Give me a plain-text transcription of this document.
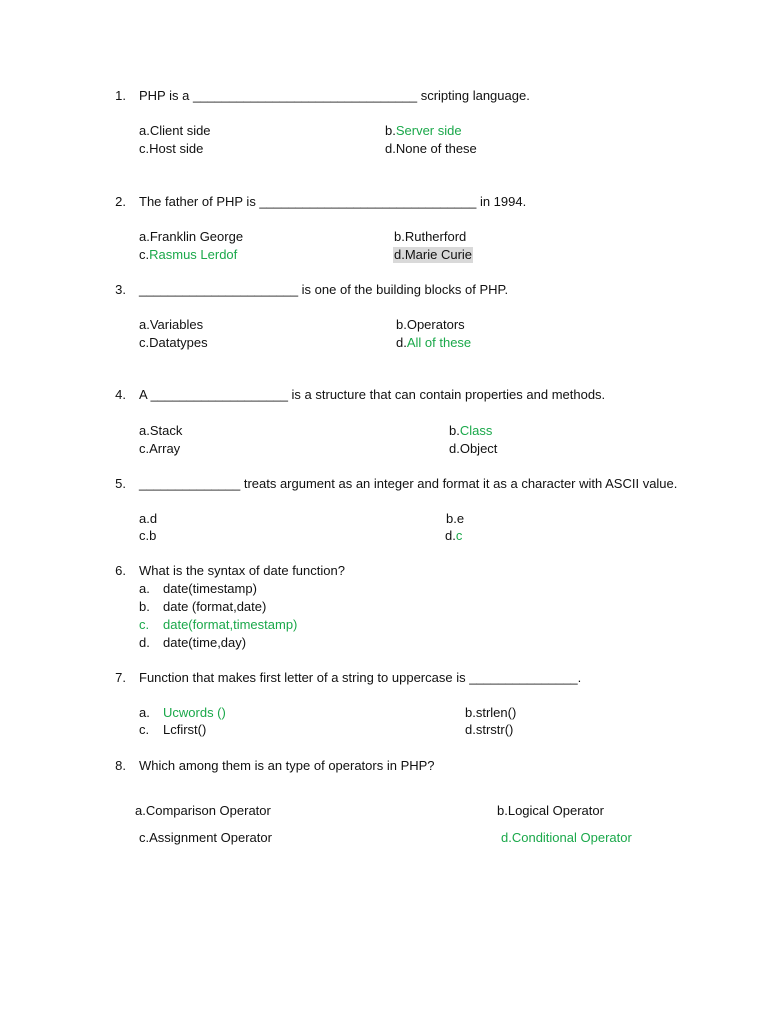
1. PHP is a _______________________________ scripting language.
a.Client side	b.Server side
c.Host side	d.None of these
2. The father of PHP is ______________________________ in 1994.
a.Franklin George	b.Rutherford
c.Rasmus Lerdof	d.Marie Curie
3. ______________________ is one of the building blocks of PHP.
a.Variables	b.Operators
c.Datatypes	d.All of these
4. A ___________________ is a structure that can contain properties and methods.
a.Stack	b.Class
c.Array	d.Object
5. ______________ treats argument as an integer and format it as a character with ASCII value.
a.d	b.e
c.b	d.c
6. What is the syntax of date function?
a. date(timestamp)
b. date (format,date)
c. date(format,timestamp)
d. date(time,day)
7. Function that makes first letter of a string to uppercase is _______________.
a. Ucwords ()	b.strlen()
c. Lcfirst()	d.strstr()
8. Which among them is an type of operators in PHP?
a.Comparison Operator	b.Logical Operator
c.Assignment Operator	d.Conditional Operator
